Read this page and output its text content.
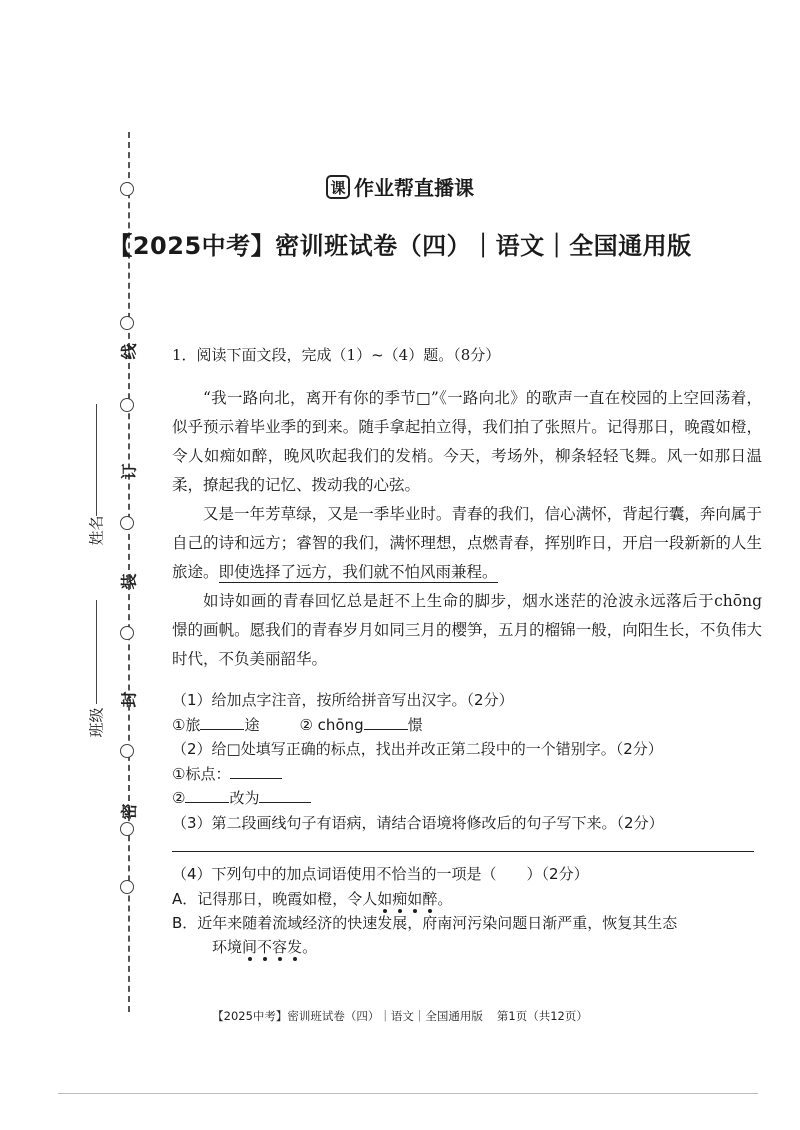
线
订
装
封
密
姓名
班级
课 作业帮直播课
【2025中考】密训班试卷（四）｜语文｜全国通用版

1．阅读下面文段，完成（1）~（4）题。（8分）

“我一路向北，离开有你的季节□”《一路向北》的歌声一直在校园的上空回荡着，似乎预示着毕业季的到来。随手拿起拍立得，我们拍了张照片。记得那日，晚霞如橙，令人如痴如醉，晚风吹起我们的发梢。今天，考场外，柳条轻轻飞舞。风一如那日温柔，撩起我的记忆、拨动我的心弦。

又是一年芳草绿，又是一季毕业时。青春的我们，信心满怀，背起行囊，奔向属于自己的诗和远方；睿智的我们，满怀理想，点燃青春，挥别昨日，开启一段新新的人生旅途。即使选择了远方，我们就不怕风雨兼程。

如诗如画的青春回忆总是赶不上生命的脚步，烟水迷茫的沧波永远落后于chōng憬的画帆。愿我们的青春岁月如同三月的樱笋，五月的榴锦一般，向阳生长，不负伟大时代，不负美丽韶华。

（1）给加点字注音，按所给拼音写出汉字。（2分）

①旅	途	② chōng	憬

（2）给□处填写正确的标点，找出并改正第二段中的一个错别字。（2分）

①标点：

②	改为

（3）第二段画线句子有语病，请结合语境将修改后的句子写下来。（2分）

（4）下列句中的加点词语使用不恰当的一项是（　　）（2分）

A．记得那日，晚霞如橙，令人如痴如醉。

B．近年来随着流域经济的快速发展，府南河污染问题日渐严重，恢复其生态

环境间不容发。

【2025中考】密训班试卷（四）｜语文｜全国通用版 第1页（共12页）
